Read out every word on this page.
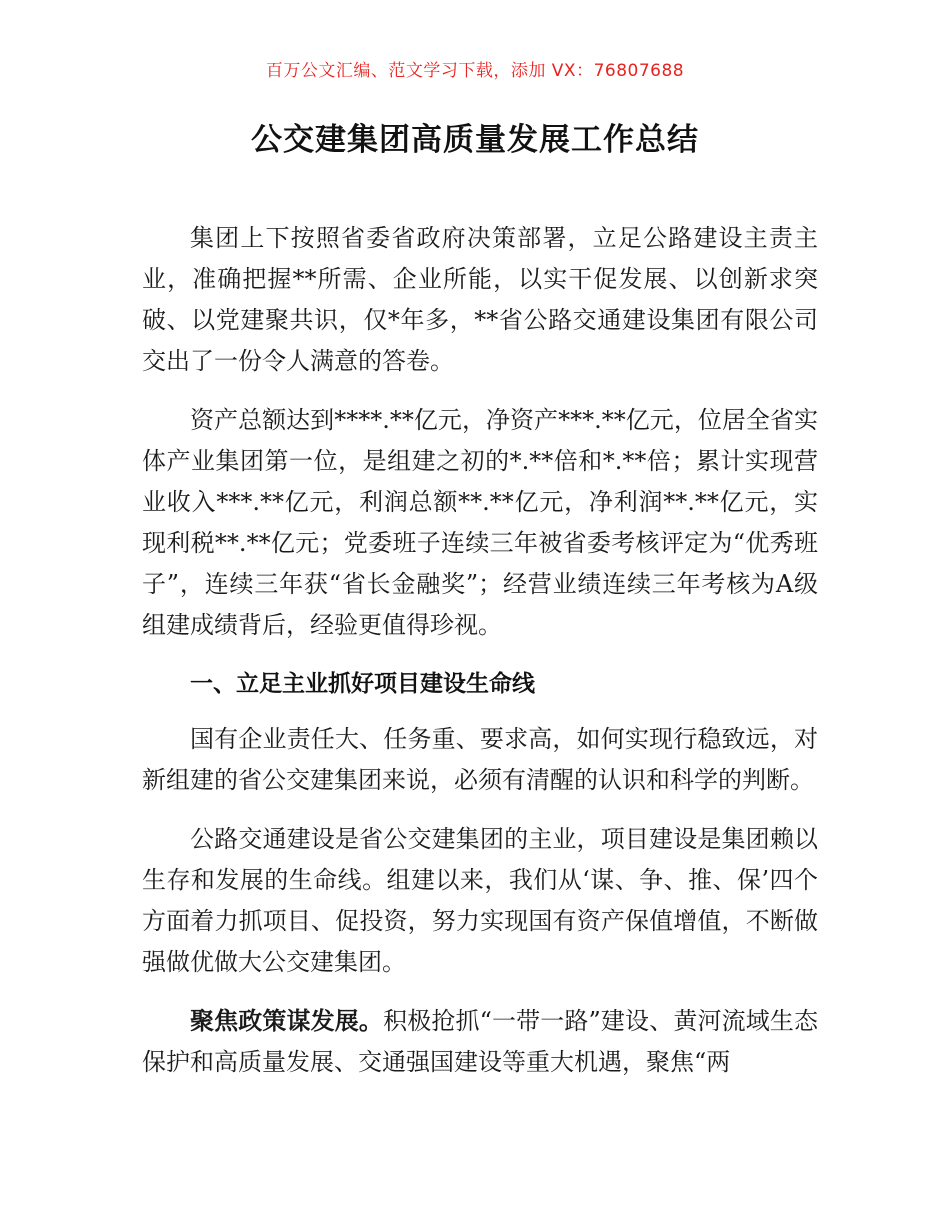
百万公文汇编、范文学习下载，添加 VX：76807688
公交建集团高质量发展工作总结

集团上下按照省委省政府决策部署，立足公路建设主责主业，准确把握**所需、企业所能，以实干促发展、以创新求突破、以党建聚共识，仅*年多，**省公路交通建设集团有限公司交出了一份令人满意的答卷。

资产总额达到****.**亿元，净资产***.**亿元，位居全省实体产业集团第一位，是组建之初的*.**倍和*.**倍；累计实现营业收入***.**亿元，利润总额**.**亿元，净利润**.**亿元，实现利税**.**亿元；党委班子连续三年被省委考核评定为“优秀班子”，连续三年获“省长金融奖”；经营业绩连续三年考核为A级组建成绩背后，经验更值得珍视。

一、立足主业抓好项目建设生命线

国有企业责任大、任务重、要求高，如何实现行稳致远，对新组建的省公交建集团来说，必须有清醒的认识和科学的判断。

公路交通建设是省公交建集团的主业，项目建设是集团赖以生存和发展的生命线。组建以来，我们从‘谋、争、推、保’四个方面着力抓项目、促投资，努力实现国有资产保值增值，不断做强做优做大公交建集团。

聚焦政策谋发展。积极抢抓“一带一路”建设、黄河流域生态保护和高质量发展、交通强国建设等重大机遇，聚焦“两
